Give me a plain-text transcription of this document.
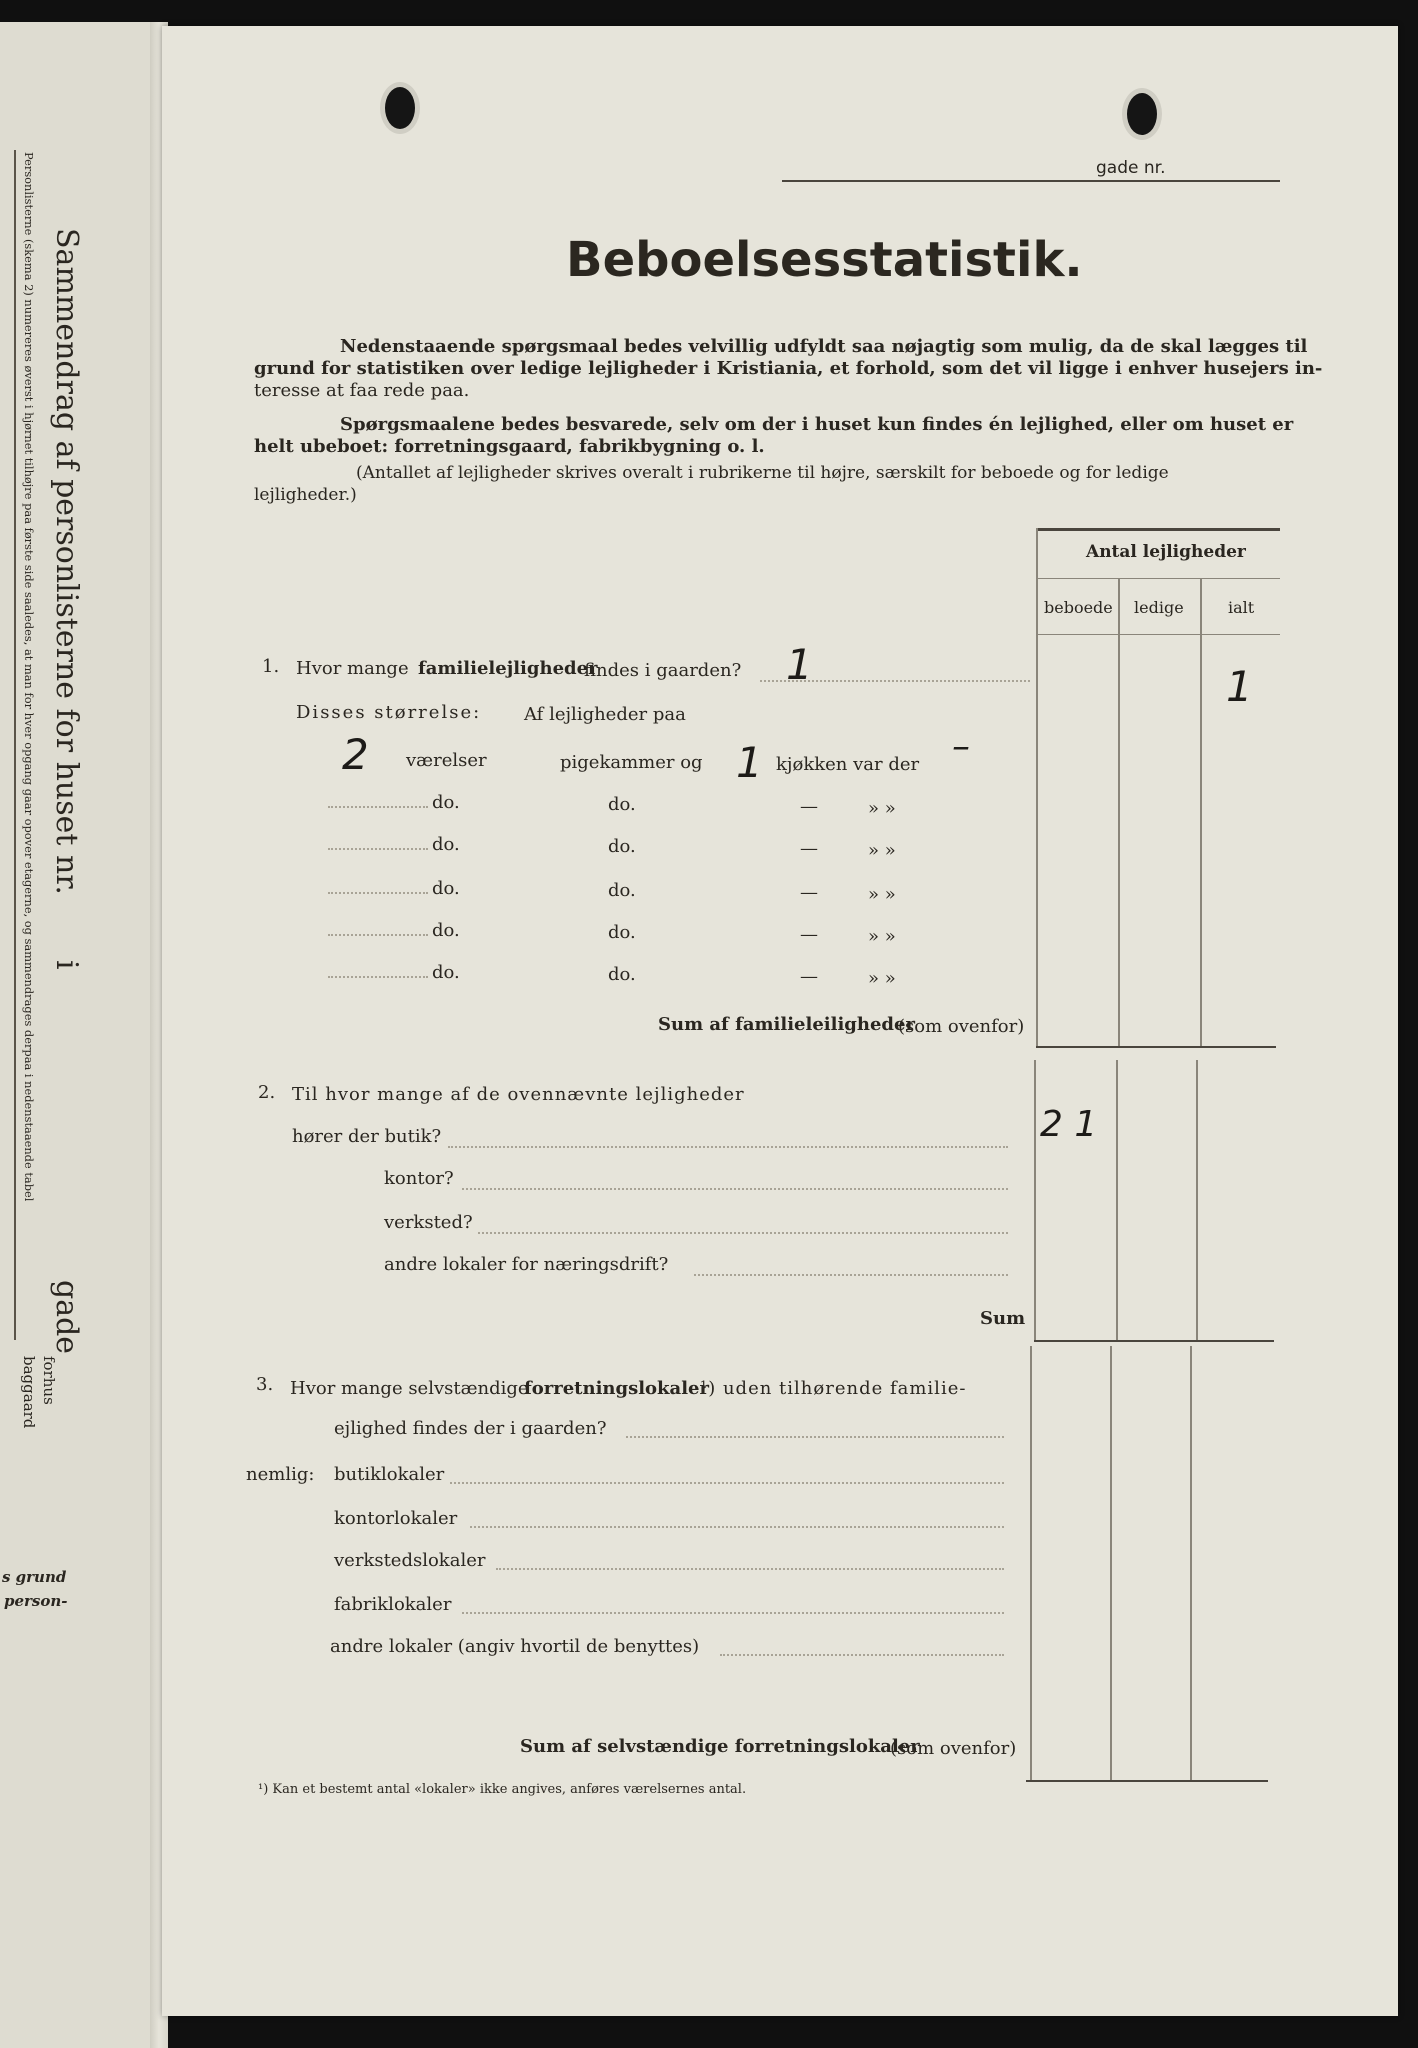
Sammendrag af personlisterne for huset nr.
i
gade
forhus
baggaard
Personlisterne (skema 2) numereres øverst i hjørnet tilhøjre paa første side saaledes, at man for hver opgang gaar opover etagerne, og sammendrages derpaa i nedenstaaende tabel
s grund
person-
gade nr.
Beboelsesstatistik.
Nedenstaaende spørgsmaal bedes velvillig udfyldt saa nøjagtig som mulig, da de skal lægges til
grund for statistiken over ledige lejligheder i Kristiania, et forhold, som det vil ligge i enhver husejers in-
teresse at faa rede paa.
Spørgsmaalene bedes besvarede, selv om der i huset kun findes én lejlighed, eller om huset er
helt ubeboet: forretningsgaard, fabrikbygning o. l.
(Antallet af lejligheder skrives overalt i rubrikerne til højre, særskilt for beboede og for ledige
lejligheder.)
Antal lejligheder
beboede ledige	ialt
1. Hvor mange familielejligheder
findes i gaarden? 1	1
Disses størrelse: Af lejligheder paa
2 værelser	pigekammer og 1 kjøkken var der –
do.	do.	—	» »
do.	do.	—	» »
do.	do.	—	» »
do.	do.	—	» »
do.	do.	—	» »
Sum af familieleiligheder
(som ovenfor)
2. Til hvor mange af de ovennævnte lejligheder
hører der butik?	2 1
kontor?
verksted?
andre lokaler for næringsdrift?
Sum
3. Hvor mange selvstændige
forretningslokaler
¹) uden tilhørende familie-
ejlighed findes der i gaarden?
nemlig: butiklokaler
kontorlokaler
verkstedslokaler
fabriklokaler
andre lokaler (angiv hvortil de benyttes)
Sum af selvstændige forretningslokaler
(som ovenfor)
¹) Kan et bestemt antal «lokaler» ikke angives, anføres værelsernes antal.
